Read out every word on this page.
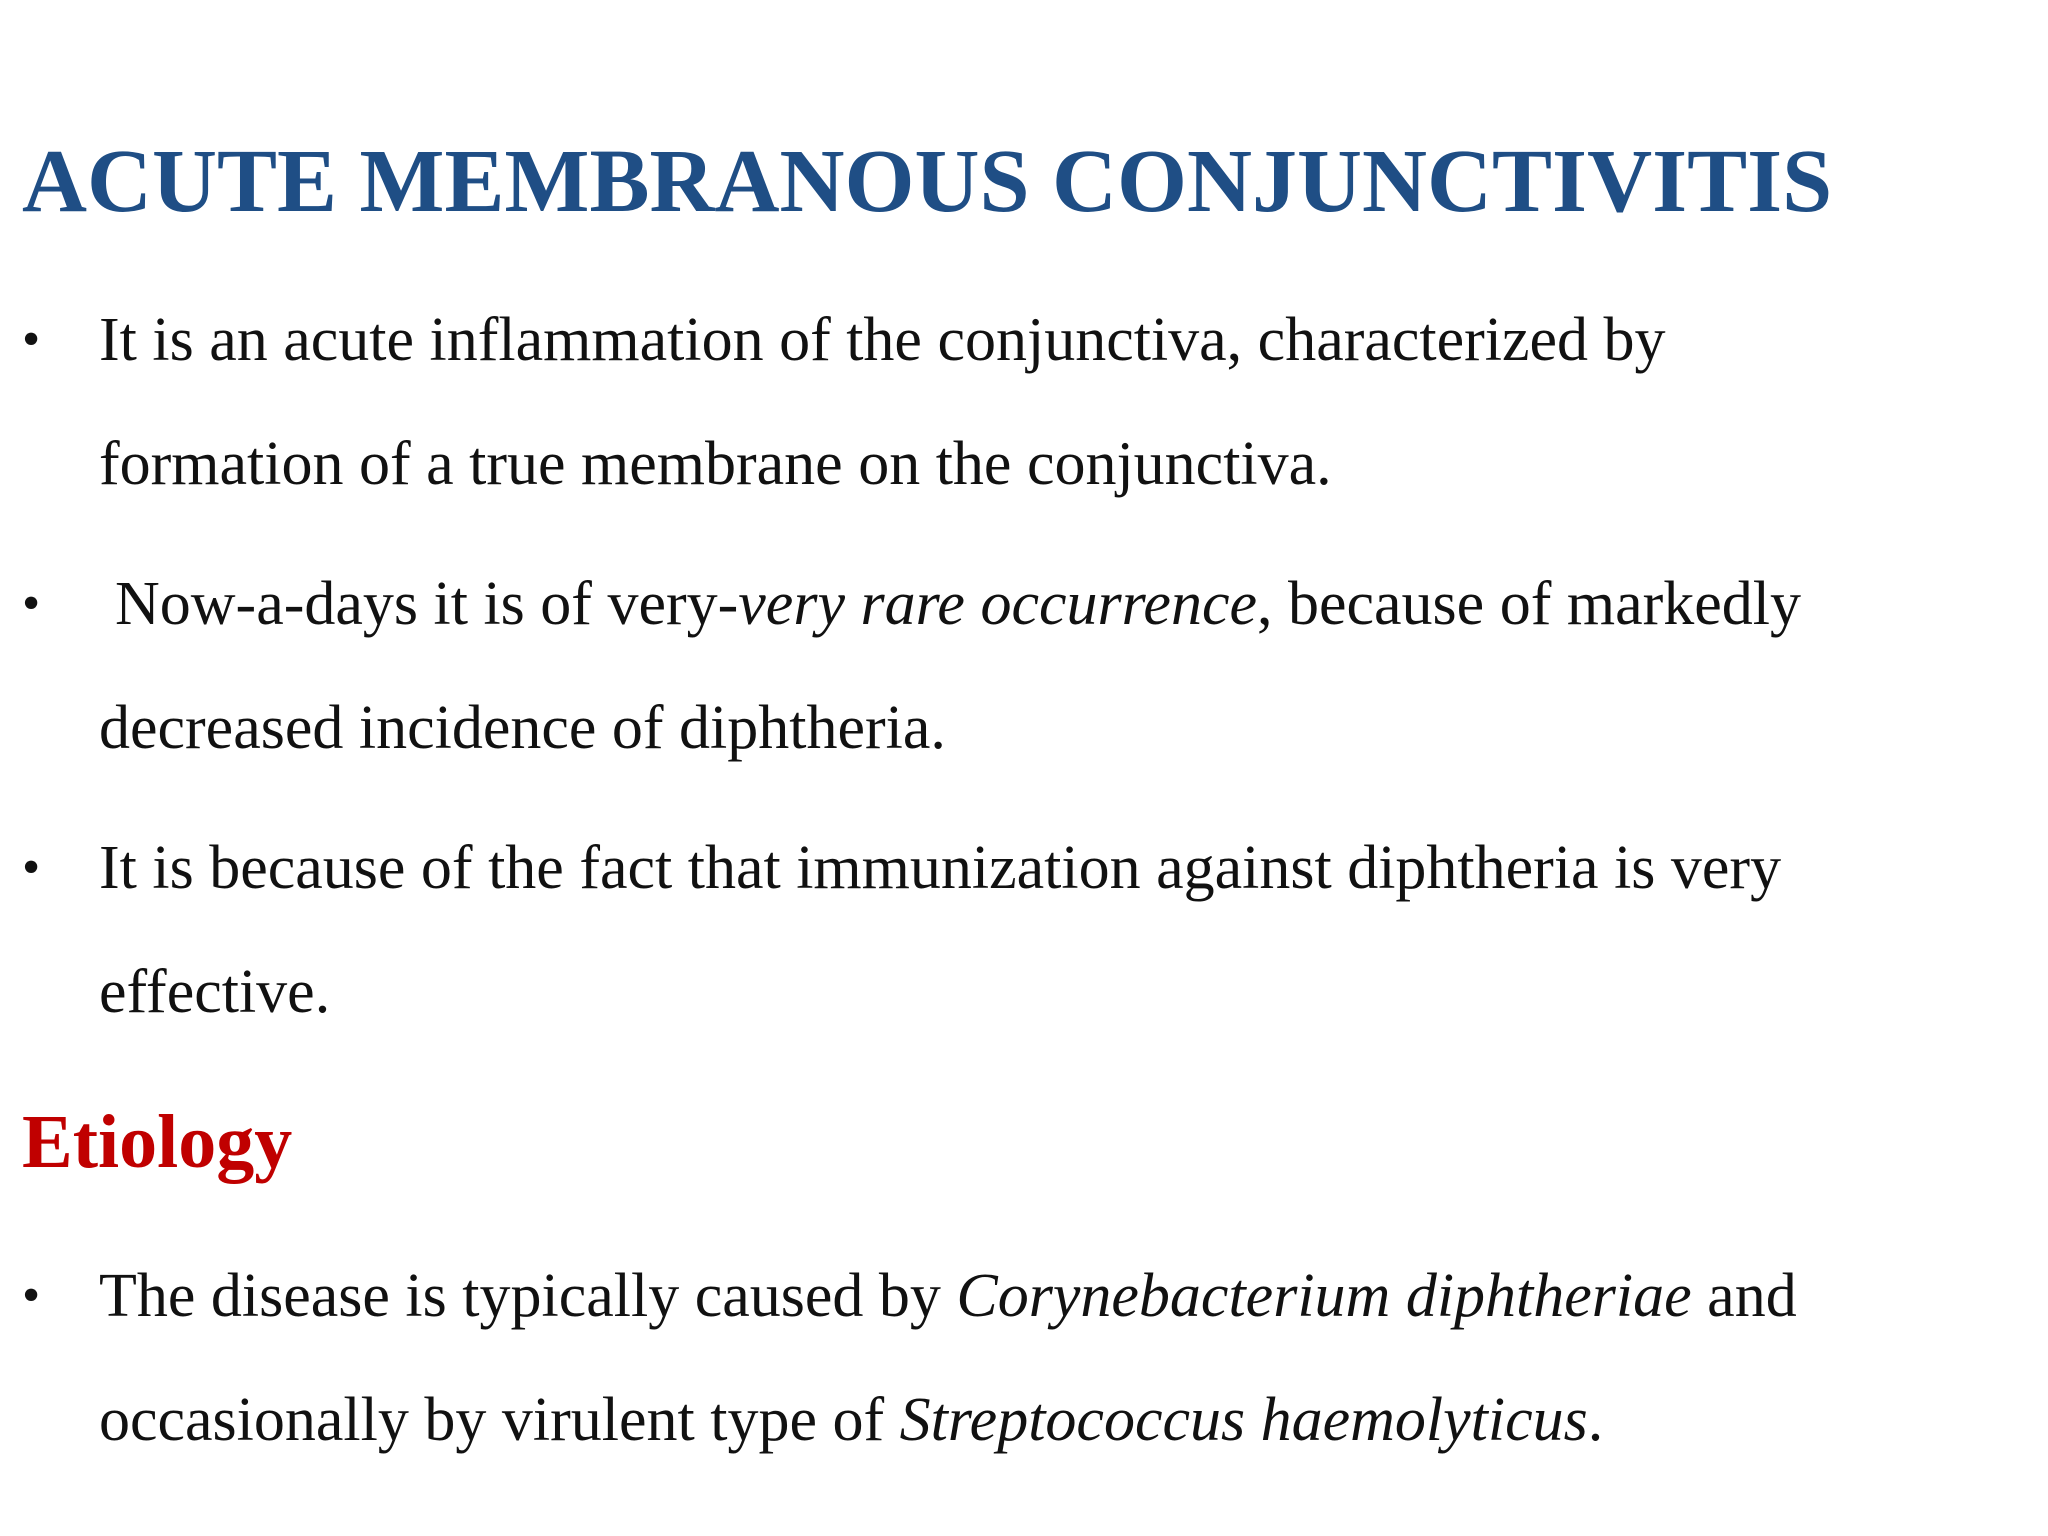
ACUTE MEMBRANOUS CONJUNCTIVITIS
• It is an acute inflammation of the conjunctiva, characterized by
formation of a true membrane on the conjunctiva.
•	Now-a-days it is of very-very rare occurrence, because of markedly
decreased incidence of diphtheria.
• It is because of the fact that immunization against diphtheria is very
effective.
Etiology
• The disease is typically caused by Corynebacterium diphtheriae and
occasionally by virulent type of Streptococcus haemolyticus.
